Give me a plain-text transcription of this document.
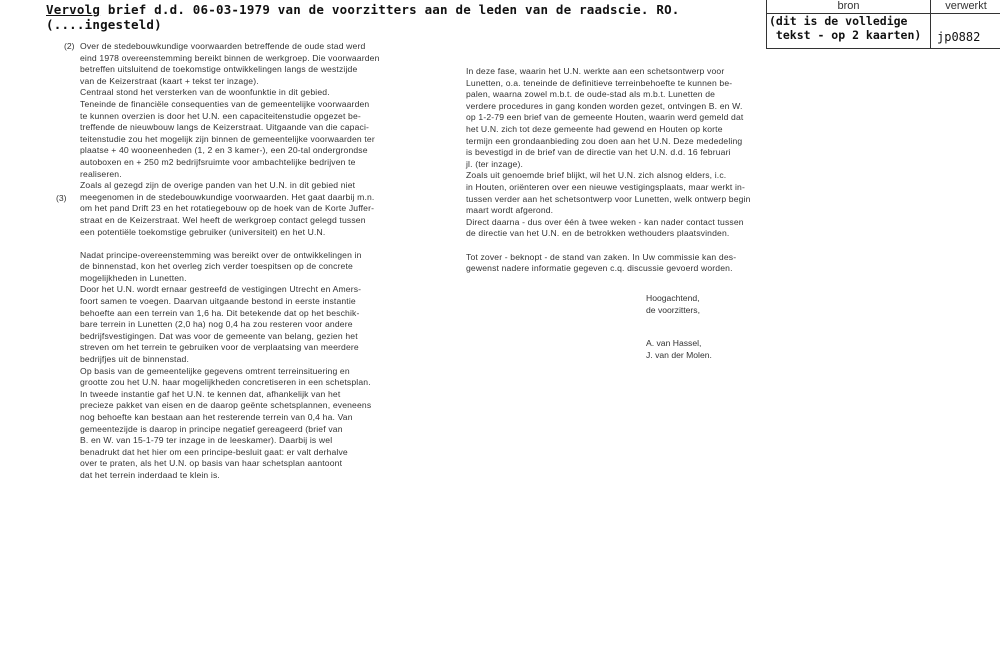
Vervolg brief d.d. 06-03-1979 van de voorzitters aan de leden van de raadscie. RO.
(....ingesteld)
bron	verwerkt
(dit is de volledige
tekst - op 2 kaarten)	jp0882
(2)
(3)

Over de stedebouwkundige voorwaarden betreffende de oude stad werd

eind 1978 overeenstemming bereikt binnen de werkgroep. Die voorwaarden

betreffen uitsluitend de toekomstige ontwikkelingen langs de westzijde

van de Keizerstraat (kaart + tekst ter inzage).

Centraal stond het versterken van de woonfunktie in dit gebied.

Teneinde de financiële consequenties van de gemeentelijke voorwaarden

te kunnen overzien is door het U.N. een capaciteitenstudie opgezet be-

treffende de nieuwbouw langs de Keizerstraat. Uitgaande van die capaci-

teitenstudie zou het mogelijk zijn binnen de gemeentelijke voorwaarden ter

plaatse + 40 wooneenheden (1, 2 en 3 kamer-), een 20-tal ondergrondse

autoboxen en + 250 m2 bedrijfsruimte voor ambachtelijke bedrijven te

realiseren.

Zoals al gezegd zijn de overige panden van het U.N. in dit gebied niet

meegenomen in de stedebouwkundige voorwaarden. Het gaat daarbij m.n.

om het pand Drift 23 en het rotatiegebouw op de hoek van de Korte Juffer-

straat en de Keizerstraat. Wel heeft de werkgroep contact gelegd tussen

een potentiële toekomstige gebruiker (universiteit) en het U.N.

Nadat principe-overeenstemming was bereikt over de ontwikkelingen in

de binnenstad, kon het overleg zich verder toespitsen op de concrete

mogelijkheden in Lunetten.

Door het U.N. wordt ernaar gestreefd de vestigingen Utrecht en Amers-

foort samen te voegen. Daarvan uitgaande bestond in eerste instantie

behoefte aan een terrein van 1,6 ha. Dit betekende dat op het beschik-

bare terrein in Lunetten (2,0 ha) nog 0,4 ha zou resteren voor andere

bedrijfsvestigingen. Dat was voor de gemeente van belang, gezien het

streven om het terrein te gebruiken voor de verplaatsing van meerdere

bedrijfjes uit de binnenstad.

Op basis van de gemeentelijke gegevens omtrent terreinsituering en

grootte zou het U.N. haar mogelijkheden concretiseren in een schetsplan.

In tweede instantie gaf het U.N. te kennen dat, afhankelijk van het

precieze pakket van eisen en de daarop geënte schetsplannen, eveneens

nog behoefte kan bestaan aan het resterende terrein van 0,4 ha. Van

gemeentezijde is daarop in principe negatief gereageerd (brief van

B. en W. van 15-1-79 ter inzage in de leeskamer). Daarbij is wel

benadrukt dat het hier om een principe-besluit gaat: er valt derhalve

over te praten, als het U.N. op basis van haar schetsplan aantoont

dat het terrein inderdaad te klein is.

In deze fase, waarin het U.N. werkte aan een schetsontwerp voor

Lunetten, o.a. teneinde de definitieve terreinbehoefte te kunnen be-

palen, waarna zowel m.b.t. de oude-stad als m.b.t. Lunetten de

verdere procedures in gang konden worden gezet, ontvingen B. en W.

op 1-2-79 een brief van de gemeente Houten, waarin werd gemeld dat

het U.N. zich tot deze gemeente had gewend en Houten op korte

termijn een grondaanbieding zou doen aan het U.N. Deze mededeling

is bevestigd in de brief van de directie van het U.N. d.d. 16 februari

jl. (ter inzage).

Zoals uit genoemde brief blijkt, wil het U.N. zich alsnog elders, i.c.

in Houten, oriënteren over een nieuwe vestigingsplaats, maar werkt in-

tussen verder aan het schetsontwerp voor Lunetten, welk ontwerp begin

maart wordt afgerond.

Direct daarna - dus over één à twee weken - kan nader contact tussen

de directie van het U.N. en de betrokken wethouders plaatsvinden.

Tot zover - beknopt - de stand van zaken. In Uw commissie kan des-

gewenst nadere informatie gegeven c.q. discussie gevoerd worden.

Hoogachtend,
de voorzitters,
A. van Hassel,
J. van der Molen.
